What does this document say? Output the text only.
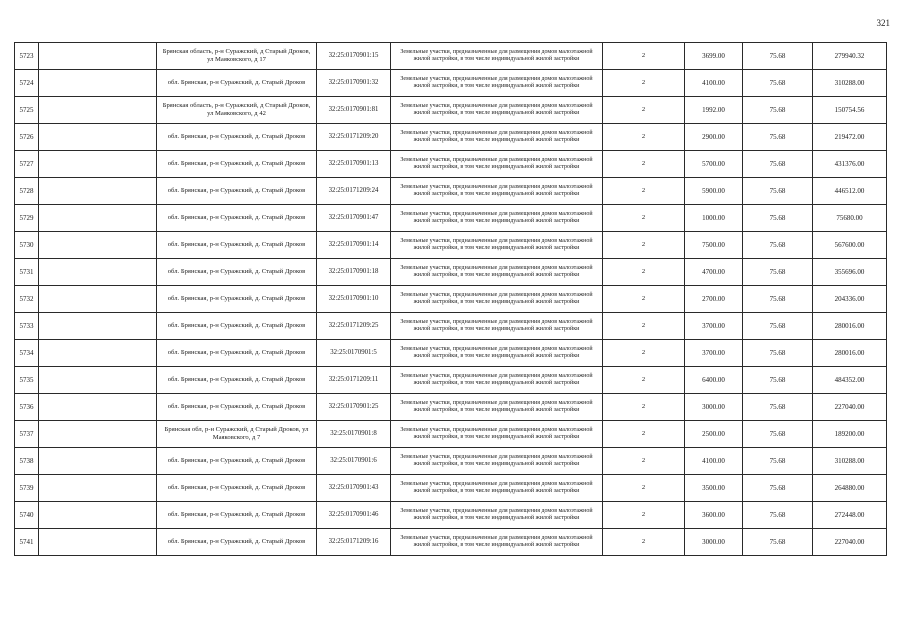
321
5723		Брянская область, р-н Суражский, д Старый Дроков, ул Маяковского, д 17	32:25:0170901:15	Земельные участки, предназначенные для размещения домов малоэтажной жилой застройки, в том числе индивидуальной жилой застройки	2	3699.00	75.68	279940.32
5724		обл. Брянская, р-н Суражский, д. Старый Дроков	32:25:0170901:32	Земельные участки, предназначенные для размещения домов малоэтажной жилой застройки, в том числе индивидуальной жилой застройки	2	4100.00	75.68	310288.00
5725		Брянская область, р-н Суражский, д Старый Дроков, ул Маяковского, д 42	32:25:0170901:81	Земельные участки, предназначенные для размещения домов малоэтажной жилой застройки, в том числе индивидуальной жилой застройки	2	1992.00	75.68	150754.56
5726		обл. Брянская, р-н Суражский, д. Старый Дроков	32:25:0171209:20	Земельные участки, предназначенные для размещения домов малоэтажной жилой застройки, в том числе индивидуальной жилой застройки	2	2900.00	75.68	219472.00
5727		обл. Брянская, р-н Суражский, д. Старый Дроков	32:25:0170901:13	Земельные участки, предназначенные для размещения домов малоэтажной жилой застройки, в том числе индивидуальной жилой застройки	2	5700.00	75.68	431376.00
5728		обл. Брянская, р-н Суражский, д. Старый Дроков	32:25:0171209:24	Земельные участки, предназначенные для размещения домов малоэтажной жилой застройки, в том числе индивидуальной жилой застройки	2	5900.00	75.68	446512.00
5729		обл. Брянская, р-н Суражский, д. Старый Дроков	32:25:0170901:47	Земельные участки, предназначенные для размещения домов малоэтажной жилой застройки, в том числе индивидуальной жилой застройки	2	1000.00	75.68	75680.00
5730		обл. Брянская, р-н Суражский, д. Старый Дроков	32:25:0170901:14	Земельные участки, предназначенные для размещения домов малоэтажной жилой застройки, в том числе индивидуальной жилой застройки	2	7500.00	75.68	567600.00
5731		обл. Брянская, р-н Суражский, д. Старый Дроков	32:25:0170901:18	Земельные участки, предназначенные для размещения домов малоэтажной жилой застройки, в том числе индивидуальной жилой застройки	2	4700.00	75.68	355696.00
5732		обл. Брянская, р-н Суражский, д. Старый Дроков	32:25:0170901:10	Земельные участки, предназначенные для размещения домов малоэтажной жилой застройки, в том числе индивидуальной жилой застройки	2	2700.00	75.68	204336.00
5733		обл. Брянская, р-н Суражский, д. Старый Дроков	32:25:0171209:25	Земельные участки, предназначенные для размещения домов малоэтажной жилой застройки, в том числе индивидуальной жилой застройки	2	3700.00	75.68	280016.00
5734		обл. Брянская, р-н Суражский, д. Старый Дроков	32:25:0170901:5	Земельные участки, предназначенные для размещения домов малоэтажной жилой застройки, в том числе индивидуальной жилой застройки	2	3700.00	75.68	280016.00
5735		обл. Брянская, р-н Суражский, д. Старый Дроков	32:25:0171209:11	Земельные участки, предназначенные для размещения домов малоэтажной жилой застройки, в том числе индивидуальной жилой застройки	2	6400.00	75.68	484352.00
5736		обл. Брянская, р-н Суражский, д. Старый Дроков	32:25:0170901:25	Земельные участки, предназначенные для размещения домов малоэтажной жилой застройки, в том числе индивидуальной жилой застройки	2	3000.00	75.68	227040.00
5737		Брянская обл, р-н Суражский, д Старый Дроков, ул Маяковского, д 7	32:25:0170901:8	Земельные участки, предназначенные для размещения домов малоэтажной жилой застройки, в том числе индивидуальной жилой застройки	2	2500.00	75.68	189200.00
5738		обл. Брянская, р-н Суражский, д. Старый Дроков	32:25:0170901:6	Земельные участки, предназначенные для размещения домов малоэтажной жилой застройки, в том числе индивидуальной жилой застройки	2	4100.00	75.68	310288.00
5739		обл. Брянская, р-н Суражский, д. Старый Дроков	32:25:0170901:43	Земельные участки, предназначенные для размещения домов малоэтажной жилой застройки, в том числе индивидуальной жилой застройки	2	3500.00	75.68	264880.00
5740		обл. Брянская, р-н Суражский, д. Старый Дроков	32:25:0170901:46	Земельные участки, предназначенные для размещения домов малоэтажной жилой застройки, в том числе индивидуальной жилой застройки	2	3600.00	75.68	272448.00
5741		обл. Брянская, р-н Суражский, д. Старый Дроков	32:25:0171209:16	Земельные участки, предназначенные для размещения домов малоэтажной жилой застройки, в том числе индивидуальной жилой застройки	2	3000.00	75.68	227040.00
